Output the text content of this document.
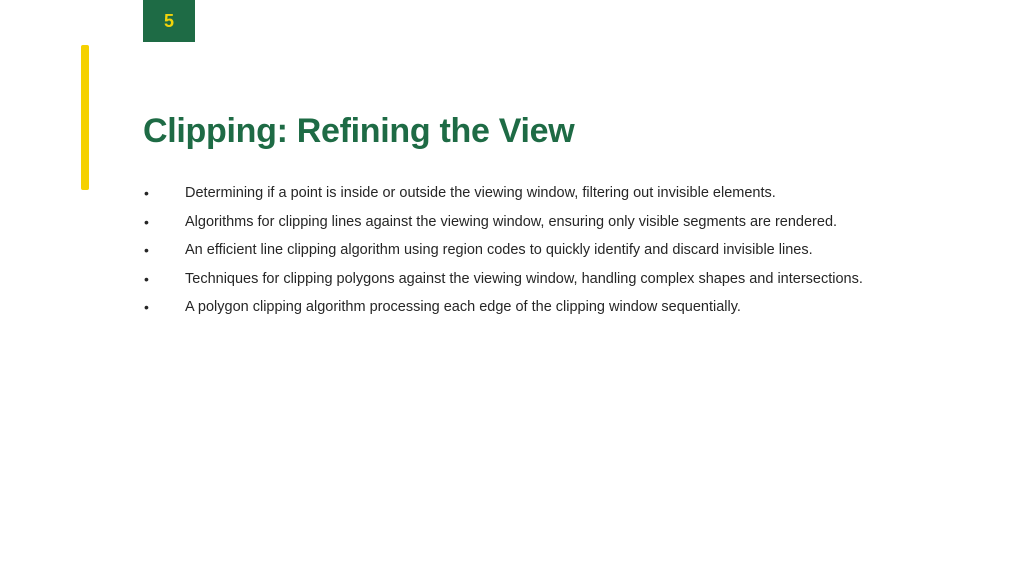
5
Clipping: Refining the View
•	Determining if a point is inside or outside the viewing window, filtering out invisible elements.
•	Algorithms for clipping lines against the viewing window, ensuring only visible segments are rendered.
•	An efficient line clipping algorithm using region codes to quickly identify and discard invisible lines.
•	Techniques for clipping polygons against the viewing window, handling complex shapes and intersections.
•	A polygon clipping algorithm processing each edge of the clipping window sequentially.
